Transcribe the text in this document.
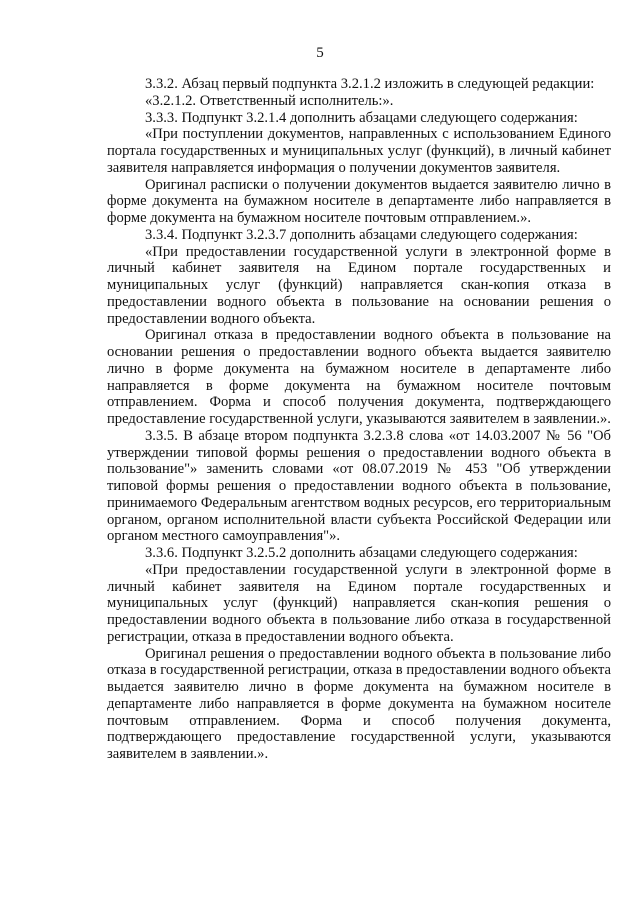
5

3.3.2. Абзац первый подпункта 3.2.1.2 изложить в следующей редакции:

«3.2.1.2. Ответственный исполнитель:».

3.3.3. Подпункт 3.2.1.4 дополнить абзацами следующего содержания:

«При поступлении документов, направленных с использованием Единого портала государственных и муниципальных услуг (функций), в личный кабинет заявителя направляется информация о получении документов заявителя.

Оригинал расписки о получении документов выдается заявителю лично в форме документа на бумажном носителе в департаменте либо направляется в форме документа на бумажном носителе почтовым отправлением.».

3.3.4. Подпункт 3.2.3.7 дополнить абзацами следующего содержания:

«При предоставлении государственной услуги в электронной форме в личный кабинет заявителя на Едином портале государственных и муниципальных услуг (функций) направляется скан-копия отказа в предоставлении водного объекта в пользование на основании решения о предоставлении водного объекта.

Оригинал отказа в предоставлении водного объекта в пользование на основании решения о предоставлении водного объекта выдается заявителю лично в форме документа на бумажном носителе в департаменте либо направляется в форме документа на бумажном носителе почтовым отправлением. Форма и способ получения документа, подтверждающего предоставление государственной услуги, указываются заявителем в заявлении.».

3.3.5. В абзаце втором подпункта 3.2.3.8 слова «от 14.03.2007 № 56 "Об утверждении типовой формы решения о предоставлении водного объекта в пользование"» заменить словами «от 08.07.2019 № 453 "Об утверждении типовой формы решения о предоставлении водного объекта в пользование, принимаемого Федеральным агентством водных ресурсов, его территориальным органом, органом исполнительной власти субъекта Российской Федерации или органом местного самоуправления"».

3.3.6. Подпункт 3.2.5.2 дополнить абзацами следующего содержания:

«При предоставлении государственной услуги в электронной форме в личный кабинет заявителя на Едином портале государственных и муниципальных услуг (функций) направляется скан-копия решения о предоставлении водного объекта в пользование либо отказа в государственной регистрации, отказа в предоставлении водного объекта.

Оригинал решения о предоставлении водного объекта в пользование либо отказа в государственной регистрации, отказа в предоставлении водного объекта выдается заявителю лично в форме документа на бумажном носителе в департаменте либо направляется в форме документа на бумажном носителе почтовым отправлением. Форма и способ получения документа, подтверждающего предоставление государственной услуги, указываются заявителем в заявлении.».
